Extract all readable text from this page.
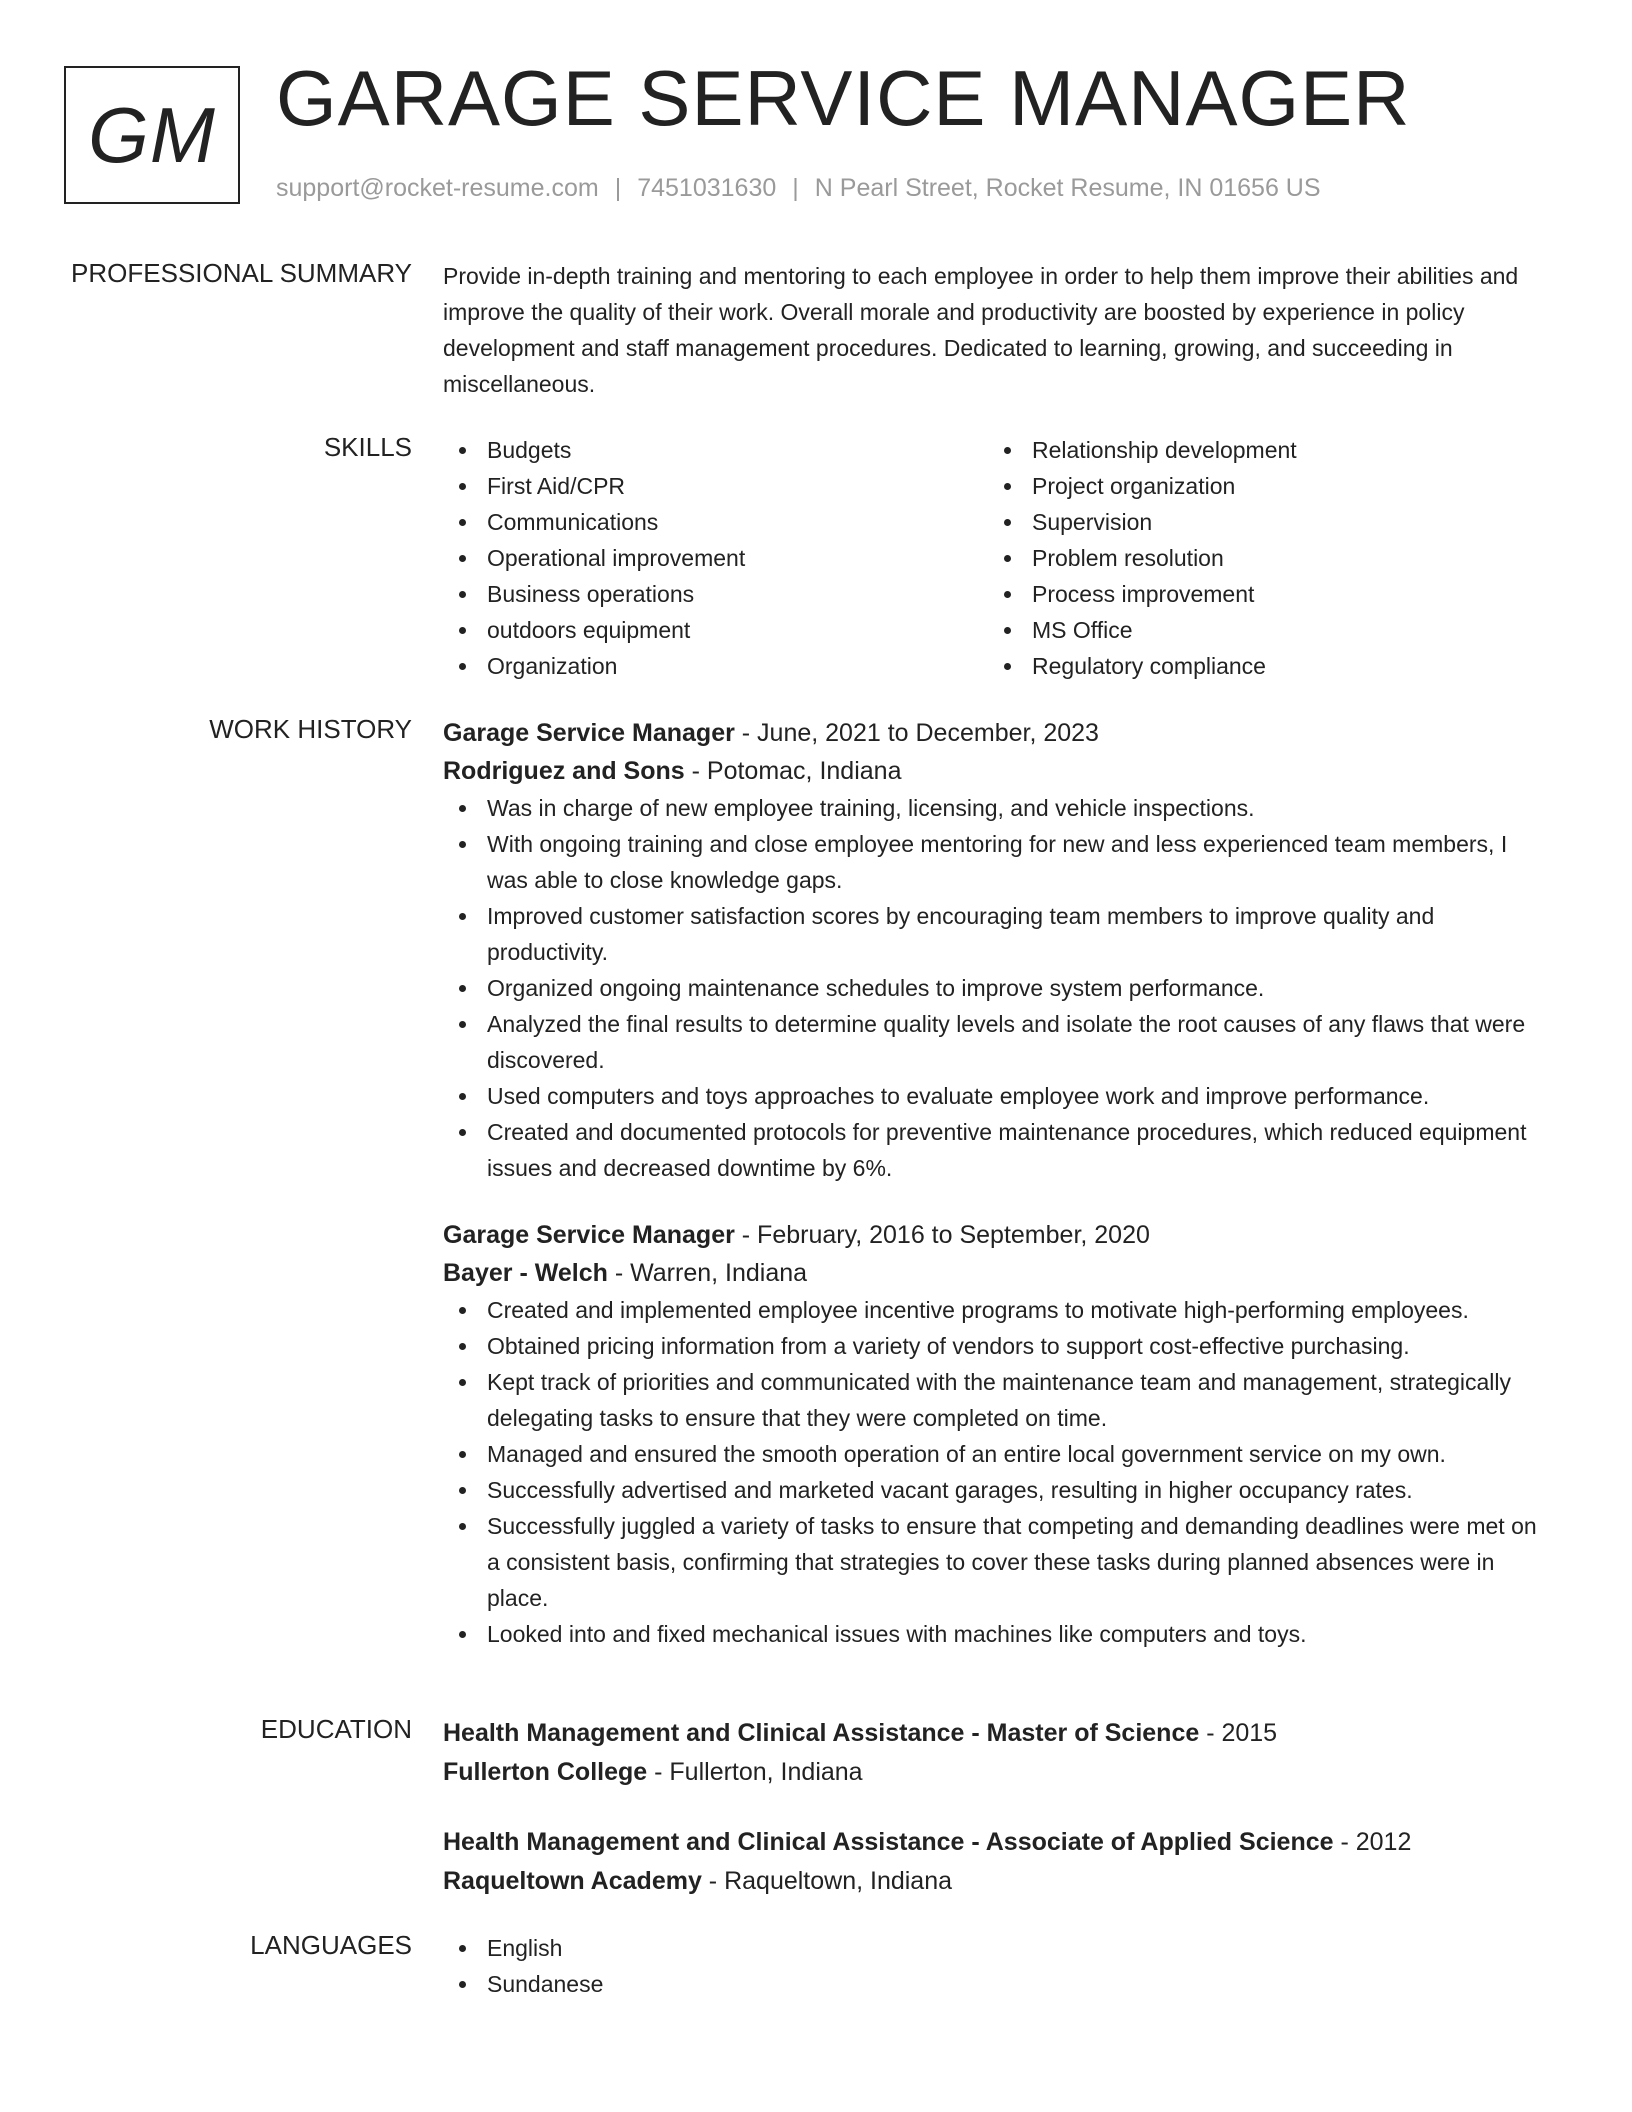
GM GARAGE SERVICE MANAGER
support@rocket-resume.com | 7451031630 | N Pearl Street, Rocket Resume, IN 01656 US
PROFESSIONAL SUMMARY Provide in-depth training and mentoring to each employee in order to help them improve their abilities and improve the quality of their work. Overall morale and productivity are boosted by experience in policy development and staff management procedures. Dedicated to learning, growing, and succeeding in miscellaneous.

SKILLS	Budgets
First Aid/CPR
Communications
Operational improvement
Business operations
outdoors equipment
Organization
Relationship development
Project organization
Supervision
Problem resolution
Process improvement
MS Office
Regulatory compliance
WORK HISTORY Garage Service Manager - June, 2021 to December, 2023
Rodriguez and Sons - Potomac, Indiana
Was in charge of new employee training, licensing, and vehicle inspections.
With ongoing training and close employee mentoring for new and less experienced team members, I was able to close knowledge gaps.
Improved customer satisfaction scores by encouraging team members to improve quality and productivity.
Organized ongoing maintenance schedules to improve system performance.
Analyzed the final results to determine quality levels and isolate the root causes of any flaws that were discovered.
Used computers and toys approaches to evaluate employee work and improve performance.
Created and documented protocols for preventive maintenance procedures, which reduced equipment issues and decreased downtime by 6%.
Garage Service Manager - February, 2016 to September, 2020
Bayer - Welch - Warren, Indiana
Created and implemented employee incentive programs to motivate high-performing employees.
Obtained pricing information from a variety of vendors to support cost-effective purchasing.
Kept track of priorities and communicated with the maintenance team and management, strategically delegating tasks to ensure that they were completed on time.
Managed and ensured the smooth operation of an entire local government service on my own.
Successfully advertised and marketed vacant garages, resulting in higher occupancy rates.
Successfully juggled a variety of tasks to ensure that competing and demanding deadlines were met on a consistent basis, confirming that strategies to cover these tasks during planned absences were in place.
Looked into and fixed mechanical issues with machines like computers and toys.
EDUCATION Health Management and Clinical Assistance - Master of Science - 2015
Fullerton College - Fullerton, Indiana
Health Management and Clinical Assistance - Associate of Applied Science - 2012
Raqueltown Academy - Raqueltown, Indiana
LANGUAGES	English
Sundanese
